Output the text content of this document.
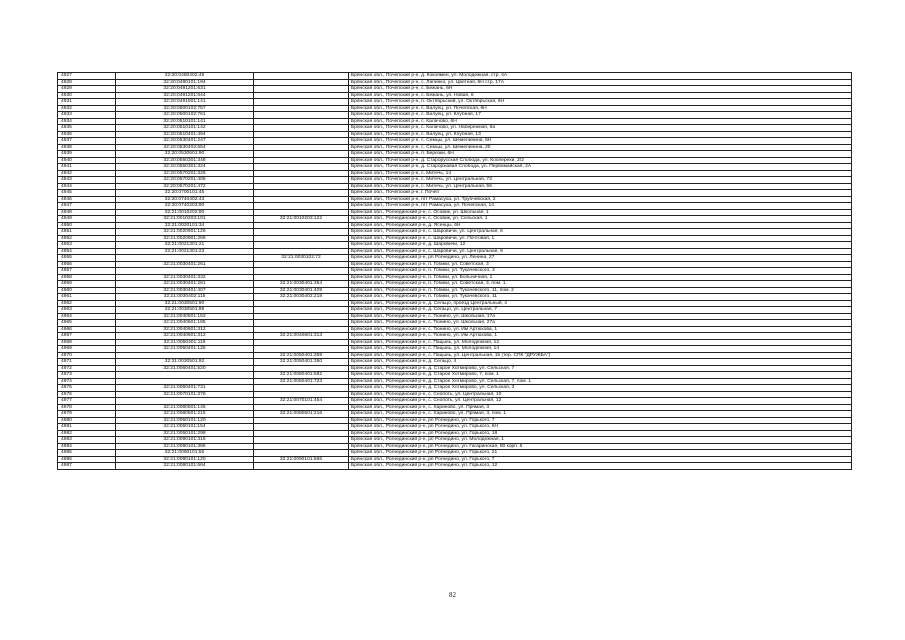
4927	32:20:0480402:49		Брянская обл., Почепский р-н, д. Кокоямен, ул. Молодежная, стр. 4А
4928	32:20:0490101:194		Брянская обл., Почепский р-н, с. Лапинко, ул. Цветная, 6Н стр. 17А
4929	32:20:0491201:631		Брянская обл., Почепский р-н, с. Бежань, 6Н
4930	32:20:0491201:644		Брянская обл., Почепский р-н, с. Бежань, ул. Новая, 6
4931	32:20:0491501:141		Брянская обл., Почепский р-н, п. Октябрьский, ул. Октябрьская, 6Н
4932	32:20:0500102:757		Брянская обл., Почепский р-н, с. Валуец, ул. Почепская, 6Н
4933	32:20:0500102:761		Брянская обл., Почепский р-н, с. Валуец, ул. Клубная, 17
4934	32:20:0510101:141		Брянская обл., Почепский р-н, с. Калачово, 6Н
4935	32:20:0510101:142		Брянская обл., Почепский р-н, с. Калачово, ул. Набережная, 6а
4936	32:20:0510401:494		Брянская обл., Почепский р-н, с. Валуец, ул. Клубная, 13
4937	32:20:0530401:247		Брянская обл., Почепский р-н, с. Семцы, ул. Шемелинина, 6Н
4938	32:20:0530402:654		Брянская обл., Почепский р-н, с. Семцы, ул. Шемелинина, 20
4939	32:20:0530601:90		Брянская обл., Почепский р-н, п. Березки, 6Н
4940	32:20:0550301:348		Брянская обл., Почепский р-н, д. Старорусская Слобода, ул. Кооперехи, 2/2
4941	32:20:0550301:324		Брянская обл., Почепский р-н, д. Староржавая Слобода, ул. Первомайская, 2А
4942	32:20:0570201:326		Брянская обл., Почепский р-н, с. Митечь, 14
4943	32:20:0570201:405		Брянская обл., Почепский р-н, с. Митечь, ул. Центральная, 73
4944	32:20:0570201:472		Брянская обл., Почепский р-н, с. Митечь, ул. Центральная, 56
4945	32:20:0700101:45		Брянская обл., Почепский р-н, г. Почеп
4946	32:20:0740402:43		Брянская обл., Почепский р-н, пгт Рамасуха, ул. Трубчевская, 2
4947	32:20:0740203:90		Брянская обл., Почепский р-н, пгт Рамасуха, ул. Почепская, 14
4948	32:21:0010202:90		Брянская обл., Рогнединский р-н, с. Осовик, ул. Школьная, 1
4949	32:21:0010203:101	32:21:0010203:122	Брянская обл., Рогнединский р-н, с. Осовик, ул. Сельская, 1
4950	32:21:0020101:34		Брянская обл., Рогнединский р-н, д. Ясенцы, 6Н
4951	32:21:0020901:126		Брянская обл., Рогнединский р-н, с. Шаровичи, ул. Центральная, 6
4952	32:21:0020901:268		Брянская обл., Рогнединский р-н, с. Шаровичи, ул. Почтовая, 1
4953	32:21:0021301:21		Брянская обл., Рогнединский р-н, д. Шаровичи, 12
4954	32:21:0021301:23		Брянская обл., Рогнединский р-н, с. Шаровичи, ул. Центральная, 9
4955		32:21:0030102:72	Брянская обл., Рогнединский р-н, рп Рогнедино, ул. Ленина, 27
4956	32:21:0030401:261		Брянская обл., Рогнединский р-н, п. Гобики, ул. Советская, 3
4957			Брянская обл., Рогнединский р-н, п. Гобики, ул. Тукачевского, 3
4958	32:21:0030401:332		Брянская обл., Рогнединский р-н, п. Гобики, ул. Больничная, 1
4959	32:21:0030401:281	32:21:0030401:354	Брянская обл., Рогнединский р-н, п. Гобики, ул. Советская, 3, пом. 1
4960	32:21:0030401:407	32:21:0030401:409	Брянская обл., Рогнединский р-н, п. Гобики, ул. Тукачевского, 11, пом. 2
4961	32:21:0030402:115	32:21:0030402:218	Брянская обл., Рогнединский р-н, п. Гобики, ул. Тукачевского, 11
4962	32:21:0030501:90		Брянская обл., Рогнединский р-н, д. Сельцо, проезд Центральный, 4
4963	32:21:0030501:99		Брянская обл., Рогнединский р-н, д. Сельцо, ул. Центральная, 7
4964	32:21:0040601:153		Брянская обл., Рогнединский р-н, с. Тюнино, ул. Школьная, 17а
4965	32:21:0040601:185		Брянская обл., Рогнединский р-н, с. Тюнино, ул. Школьная, 27а
4966	32:21:0040601:312		Брянская обл., Рогнединский р-н, с. Тюнино, ул. Им Артюхова, 1
4967	32:21:0040601:312	32:21:0040601:313	Брянская обл., Рогнединский р-н, с. Тюнино, ул. Им Артюхова, 1
4968	32:21:0050401:119		Брянская обл., Рогнединский р-н, с. Пацынь, ул. Молодежная, 12
4969	32:21:0050401:125		Брянская обл., Рогнединский р-н, с. Пацынь, ул. Молодежная, 14
4970		32:21:0050401:359	Брянская обл., Рогнединский р-н, с. Пацынь, ул. Центральная, 15 (тер. СПК "ДРУЖБА")
4971	32:21:0030501:92	32:21:0050401:350	Брянская обл., Рогнединский р-н, д. Сельцо, 4
4972	32:21:0060401:520		Брянская обл., Рогнединский р-н, д. Старое Хотмирово, ул. Сельская, 7
4973		32:21:0060401:582	Брянская обл., Рогнединский р-н, д. Старое Хотмирово, 7, пом. 1
4974		32:21:0060401:723	Брянская обл., Рогнединский р-н, д. Старое Хотмирово, ул. Сельская, 7, пом. 1
4975	32:21:0060401:731		Брянская обл., Рогнединский р-н, д. Старое Хотмирово, ул. Сельская, 3
4976	32:21:0070101:379		Брянская обл., Рогнединский р-н, с. Снопоть, ул. Центральная, 10
4977		32:21:0070101:454	Брянская обл., Рогнединский р-н, с. Снопоть, ул. Центральная, 12
4978	32:21:0080501:145		Брянская обл., Рогнединский р-н, с. Хариново, ул. Прямая, 3
4979	32:21:0080501:215	32:21:0080501:216	Брянская обл., Рогнединский р-н, с. Хариново, ул. Прямая, 3, пом. 1
4980	32:21:0050101:120		Брянская обл., Рогнединский р-н, рп Рогнедино, ул. Горького, 7
4981	32:21:0050101:154		Брянская обл., Рогнединский р-н, рп Рогнедино, ул. Горького, 6Н
4982	32:21:0050101:298		Брянская обл., Рогнединский р-н, рп Рогнедино, ул. Горького, 18
4983	32:21:0090101:316		Брянская обл., Рогнединский р-н, рп Рогнедино, ул. Молодежная, 1
4984	32:21:0090101:386		Брянская обл., Рогнединский р-н, рп Рогнедино, ул. Гагаринская, 80 корп. 6
4985	32:21:0090101:56		Брянская обл., Рогнединский р-н, рп Рогнедино, ул. Горького, 21
4986	32:21:0090101:120	32:21:0090101:666	Брянская обл., Рогнединский р-н, рп Рогнедино, ул. Горького, 7
4987	32:21:0090101:664		Брянская обл., Рогнединский р-н, рп Рогнедино, ул. Горького, 12
82
